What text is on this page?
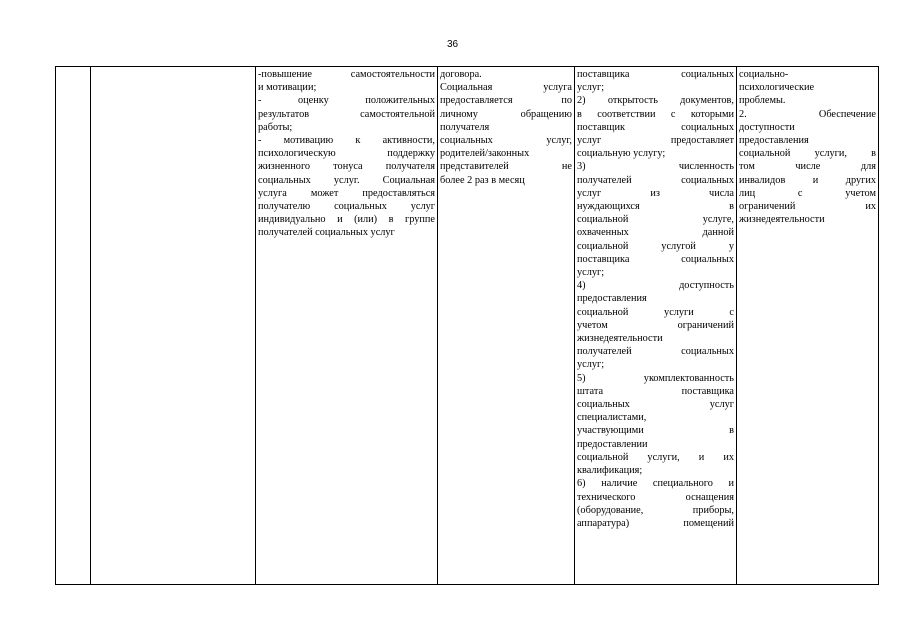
36

-повышение самостоятельности
и мотивации;
- оценку положительных
результатов самостоятельной
работы;
- мотивацию к активности,
психологическую поддержку
жизненного тонуса получателя
социальных услуг. Социальная
услуга может предоставляться
получателю социальных услуг
индивидуально и (или) в группе
получателей социальных услуг

договора.
Социальная услуга
предоставляется по
личному обращению
получателя
социальных услуг,
родителей/законных
представителей не
более 2 раз в месяц

поставщика социальных
услуг;
2) открытость документов,
в соответствии с которыми
поставщик социальных
услуг предоставляет
социальную услугу;
3) численность
получателей социальных
услуг из числа
нуждающихся в
социальной услуге,
охваченных данной
социальной услугой у
поставщика социальных
услуг;
4) доступность
предоставления
социальной услуги с
учетом ограничений
жизнедеятельности
получателей социальных
услуг;
5) укомплектованность
штата поставщика
социальных услуг
специалистами,
участвующими в
предоставлении
социальной услуги, и их
квалификация;
6) наличие специального и
технического оснащения
(оборудование, приборы,
аппаратура) помещений

социально-
психологические
проблемы.
2. Обеспечение
доступности
предоставления
социальной услуги, в
том числе для
инвалидов и других
лиц с учетом
ограничений их
жизнедеятельности
